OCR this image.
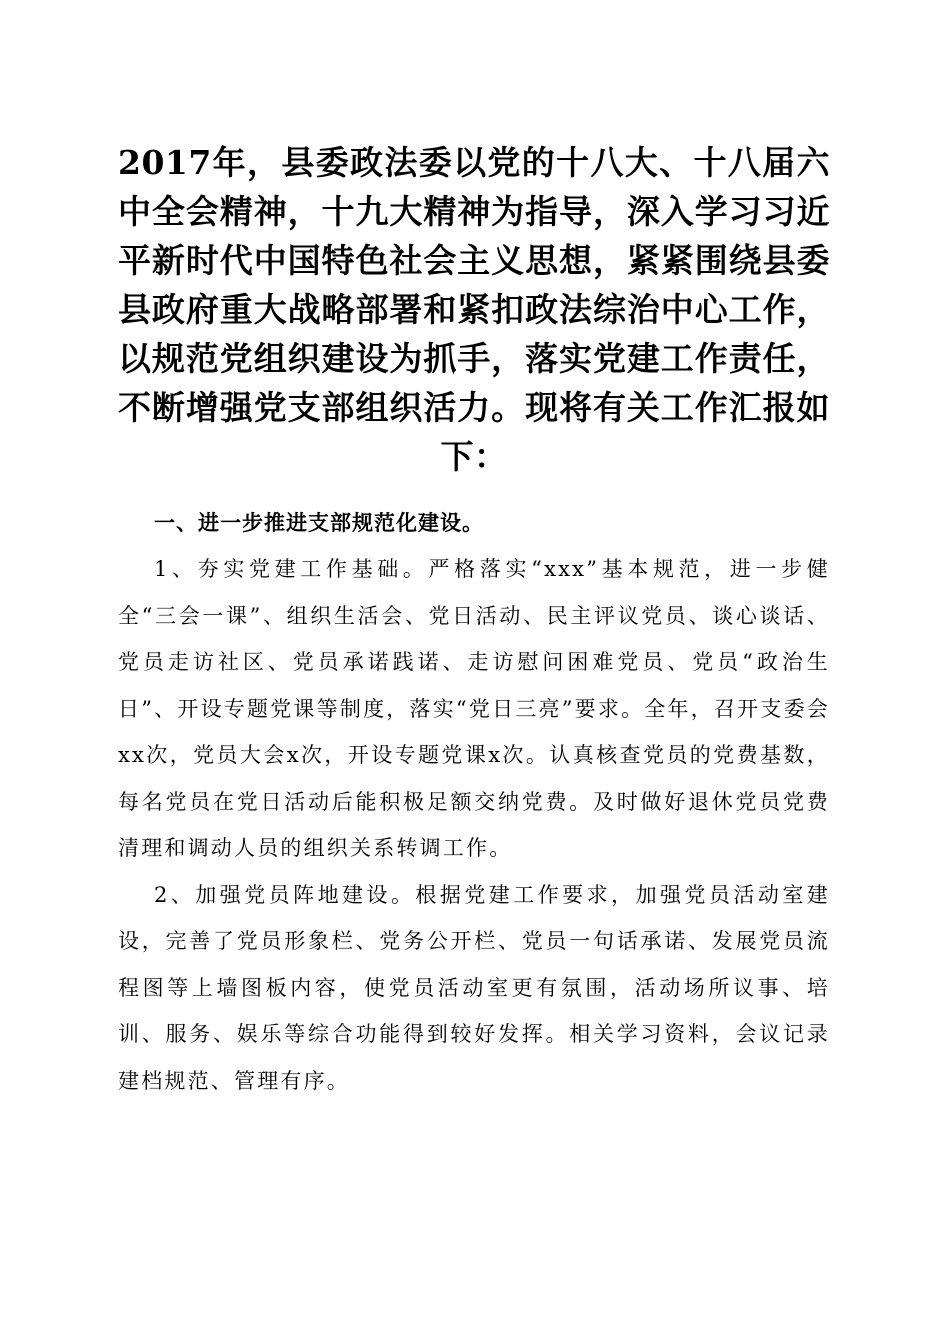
2017年，县委政法委以党的十八大、十八届六中全会精神，十九大精神为指导，深入学习习近平新时代中国特色社会主义思想，紧紧围绕县委县政府重大战略部署和紧扣政法综治中心工作，以规范党组织建设为抓手，落实党建工作责任，不断增强党支部组织活力。现将有关工作汇报如下：
一、进一步推进支部规范化建设。

1、夯实党建工作基础。严格落实“xxx”基本规范，进一步健全“三会一课”、组织生活会、党日活动、民主评议党员、谈心谈话、党员走访社区、党员承诺践诺、走访慰问困难党员、党员“政治生日”、开设专题党课等制度，落实“党日三亮”要求。全年，召开支委会xx次，党员大会x次，开设专题党课x次。认真核查党员的党费基数，每名党员在党日活动后能积极足额交纳党费。及时做好退休党员党费清理和调动人员的组织关系转调工作。

2、加强党员阵地建设。根据党建工作要求，加强党员活动室建设，完善了党员形象栏、党务公开栏、党员一句话承诺、发展党员流程图等上墙图板内容，使党员活动室更有氛围，活动场所议事、培训、服务、娱乐等综合功能得到较好发挥。相关学习资料，会议记录建档规范、管理有序。
